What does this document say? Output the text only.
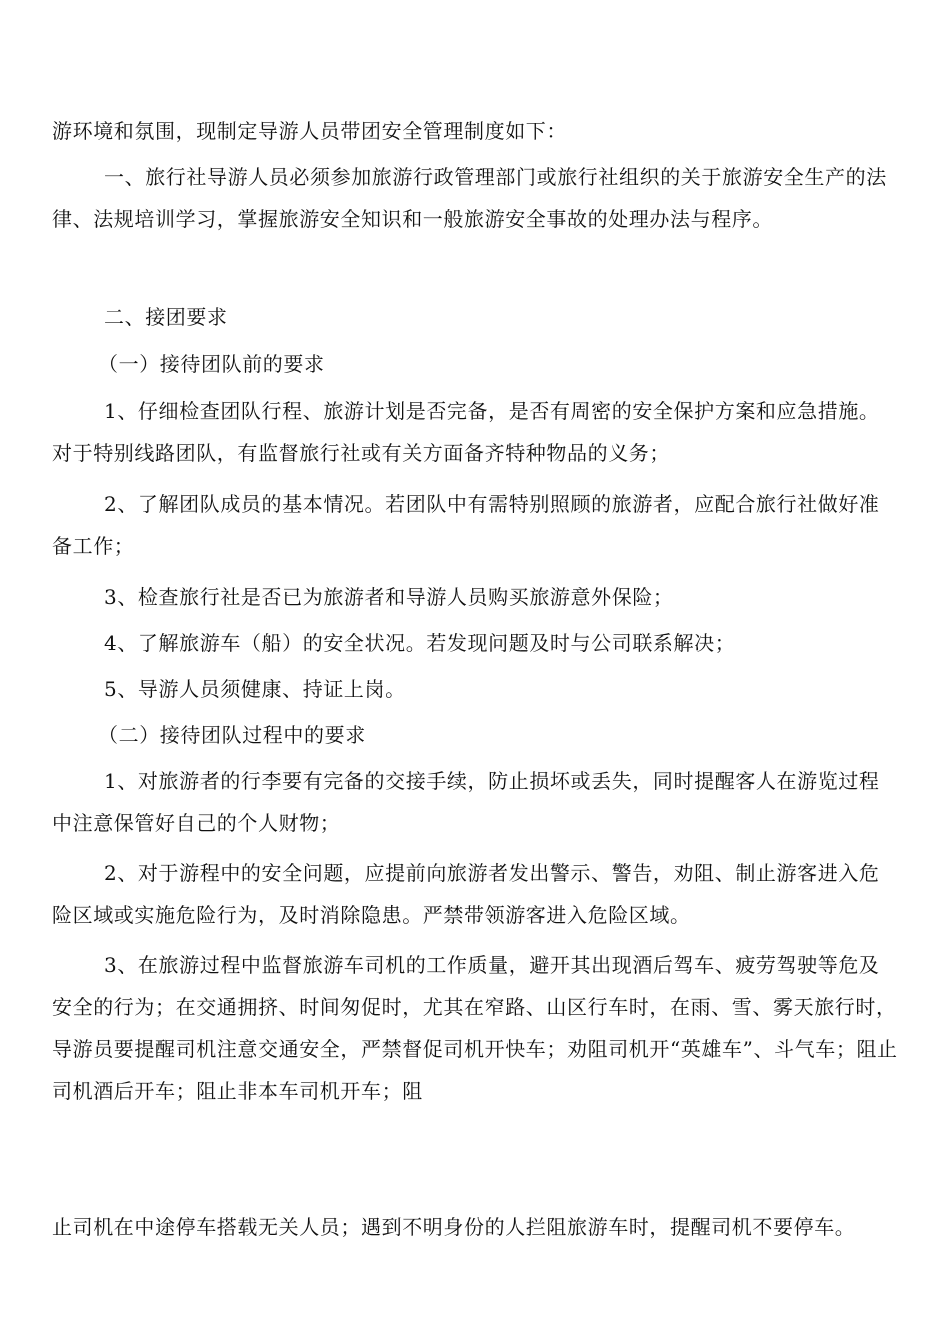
游环境和氛围，现制定导游人员带团安全管理制度如下：

一、旅行社导游人员必须参加旅游行政管理部门或旅行社组织的关于旅游安全生产的法律、法规培训学习，掌握旅游安全知识和一般旅游安全事故的处理办法与程序。

二、接团要求

（一）接待团队前的要求

1、仔细检查团队行程、旅游计划是否完备，是否有周密的安全保护方案和应急措施。对于特别线路团队，有监督旅行社或有关方面备齐特种物品的义务；

2、了解团队成员的基本情况。若团队中有需特别照顾的旅游者，应配合旅行社做好准备工作；

3、检查旅行社是否已为旅游者和导游人员购买旅游意外保险；

4、了解旅游车（船）的安全状况。若发现问题及时与公司联系解决；

5、导游人员须健康、持证上岗。

（二）接待团队过程中的要求

1、对旅游者的行李要有完备的交接手续，防止损坏或丢失，同时提醒客人在游览过程中注意保管好自己的个人财物；

2、对于游程中的安全问题，应提前向旅游者发出警示、警告，劝阻、制止游客进入危险区域或实施危险行为，及时消除隐患。严禁带领游客进入危险区域。

3、在旅游过程中监督旅游车司机的工作质量，避开其出现酒后驾车、疲劳驾驶等危及安全的行为；在交通拥挤、时间匆促时，尤其在窄路、山区行车时，在雨、雪、雾天旅行时，导游员要提醒司机注意交通安全，严禁督促司机开快车；劝阻司机开“英雄车”、斗气车；阻止司机酒后开车；阻止非本车司机开车；阻

止司机在中途停车搭载无关人员；遇到不明身份的人拦阻旅游车时，提醒司机不要停车。
